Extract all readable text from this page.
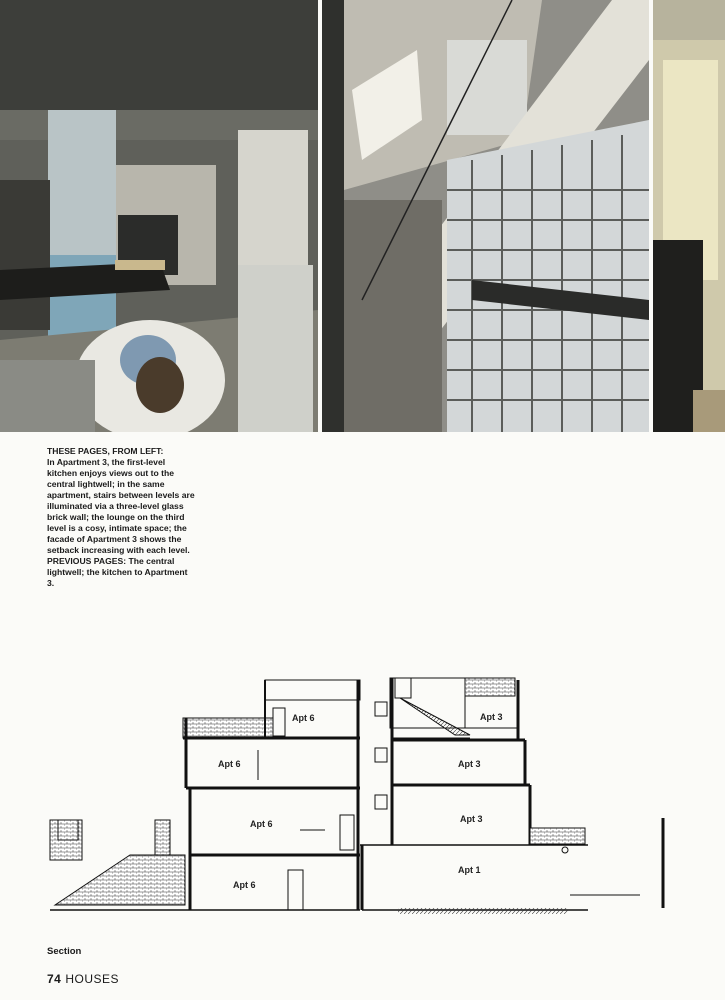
THESE PAGES, FROM LEFT:

In Apartment 3, the first-level kitchen enjoys views out to the central lightwell; in the same apartment, stairs between levels are illuminated via a three-level glass brick wall; the lounge on the third level is a cosy, intimate space; the facade of Apartment 3 shows the setback increasing with each level. PREVIOUS PAGES: The central lightwell; the kitchen to Apartment 3.

Apt 6
Apt 6
Apt 6
Apt 6
Apt 3
Apt 3
Apt 3
Apt 1
Section
74 HOUSES
